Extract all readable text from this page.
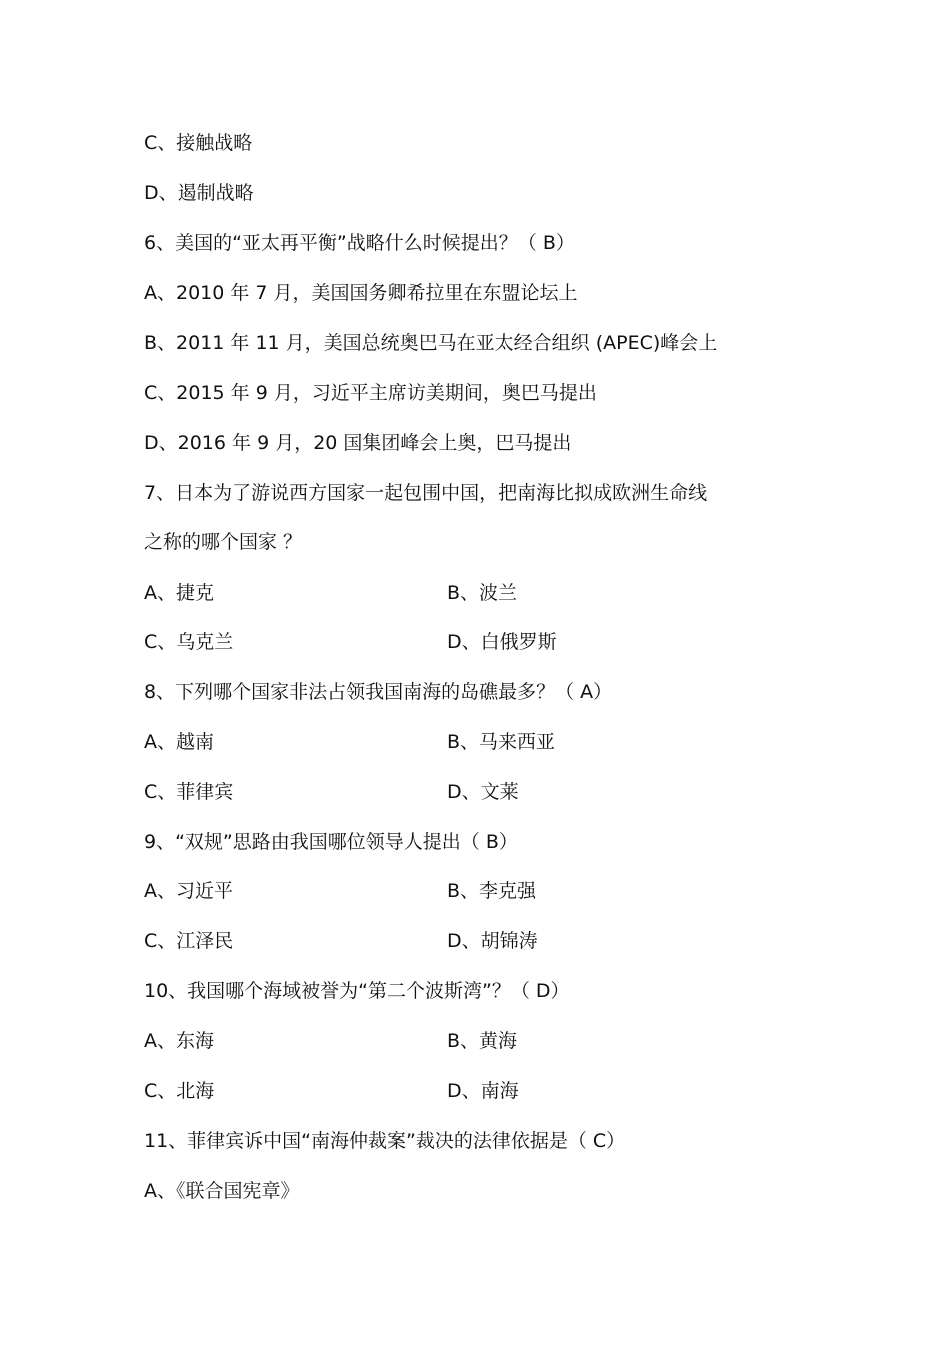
C、接触战略
D、遏制战略
6、美国的“亚太再平衡”战略什么时候提出？（ B）
A、2010 年 7 月，美国国务卿希拉里在东盟论坛上
B、2011 年 11 月，美国总统奥巴马在亚太经合组织 (APEC)峰会上
C、2015 年 9 月，习近平主席访美期间，奥巴马提出
D、2016 年 9 月，20 国集团峰会上奥，巴马提出
7、日本为了游说西方国家一起包围中国，把南海比拟成欧洲生命线
之称的哪个国家 ？
A、捷克	B、波兰
C、乌克兰	D、白俄罗斯
8、下列哪个国家非法占领我国南海的岛礁最多？（ A）
A、越南	B、马来西亚
C、菲律宾	D、文莱
9、“双规”思路由我国哪位领导人提出（ B）
A、习近平	B、李克强
C、江泽民	D、胡锦涛
10、我国哪个海域被誉为“第二个波斯湾”？（ D）
A、东海	B、黄海
C、北海	D、南海
11、菲律宾诉中国“南海仲裁案”裁决的法律依据是（ C）
A、《联合国宪章》
